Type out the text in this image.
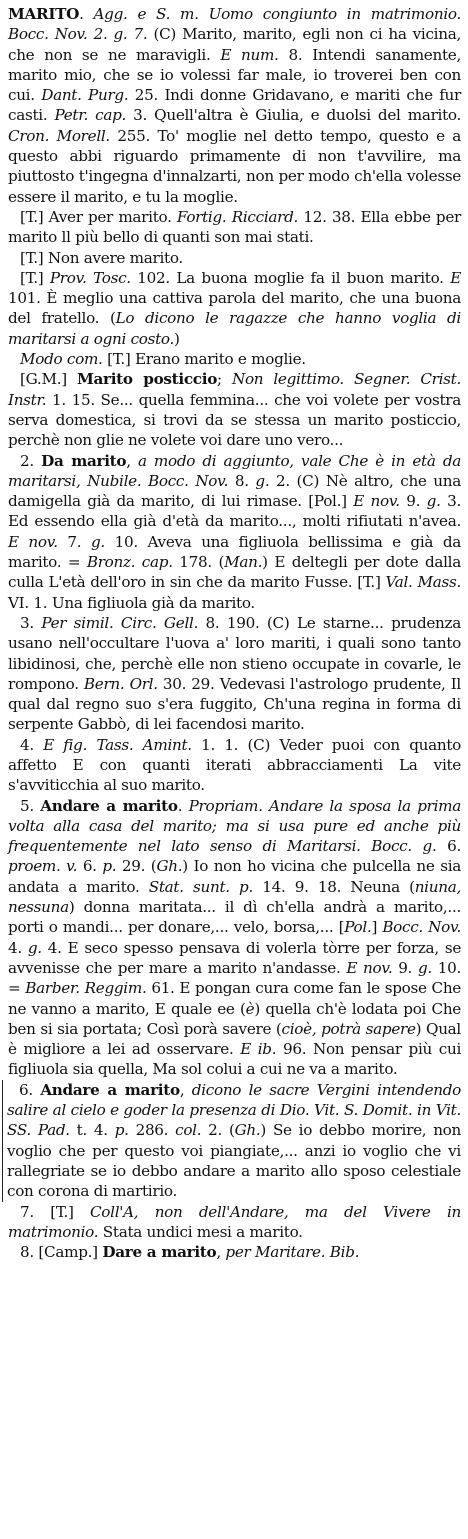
MARITO. Agg. e S. m. Uomo congiunto in matrimonio. Bocc. Nov. 2. g. 7. (C) Marito, marito, egli non ci ha vicina, che non se ne maravigli. E num. 8. Intendi sanamente, marito mio, che se io volessi far male, io troverei ben con cui. Dant. Purg. 25. Indi donne Gridavano, e mariti che fur casti. Petr. cap. 3. Quell'altra è Giulia, e duolsi del marito. Cron. Morell. 255. To' moglie nel detto tempo, questo e a questo abbi riguardo primamente di non t'avvilire, ma piuttosto t'ingegna d'innalzarti, non per modo ch'ella volesse essere il marito, e tu la moglie.

[T.] Aver per marito. Fortig. Ricciard. 12. 38. Ella ebbe per marito ll più bello di quanti son mai stati.

[T.] Non avere marito.

[T.] Prov. Tosc. 102. La buona moglie fa il buon marito. E 101. È meglio una cattiva parola del marito, che una buona del fratello. (Lo dicono le ragazze che hanno voglia di maritarsi a ogni costo.)

Modo com. [T.] Erano marito e moglie.

[G.M.] Marito posticcio; Non legittimo. Segner. Crist. Instr. 1. 15. Se... quella femmina... che voi volete per vostra serva domestica, si trovi da se stessa un marito posticcio, perchè non glie ne volete voi dare uno vero...

2. Da marito, a modo di aggiunto, vale Che è in età da maritarsi, Nubile. Bocc. Nov. 8. g. 2. (C) Nè altro, che una damigella già da marito, di lui rimase. [Pol.] E nov. 9. g. 3. Ed essendo ella già d'età da marito..., molti rifiutati n'avea. E nov. 7. g. 10. Aveva una figliuola bellissima e già da marito. = Bronz. cap. 178. (Man.) E deltegli per dote dalla culla L'età dell'oro in sin che da marito Fusse. [T.] Val. Mass. VI. 1. Una figliuola già da marito.

3. Per simil. Circ. Gell. 8. 190. (C) Le starne... prudenza usano nell'occultare l'uova a' loro mariti, i quali sono tanto libidinosi, che, perchè elle non stieno occupate in covarle, le rompono. Bern. Orl. 30. 29. Vedevasi l'astrologo prudente, Il qual dal regno suo s'era fuggito, Ch'una regina in forma di serpente Gabbò, di lei facendosi marito.

4. E fig. Tass. Amint. 1. 1. (C) Veder puoi con quanto affetto E con quanti iterati abbracciamenti La vite s'avviticchia al suo marito.

5. Andare a marito. Propriam. Andare la sposa la prima volta alla casa del marito; ma si usa pure ed anche più frequentemente nel lato senso di Maritarsi. Bocc. g. 6. proem. v. 6. p. 29. (Gh.) Io non ho vicina che pulcella ne sia andata a marito. Stat. sunt. p. 14. 9. 18. Neuna (niuna, nessuna) donna maritata... il dì ch'ella andrà a marito,... porti o mandi... per donare,... velo, borsa,... [Pol.] Bocc. Nov. 4. g. 4. E seco spesso pensava di volerla tòrre per forza, se avvenisse che per mare a marito n'andasse. E nov. 9. g. 10. = Barber. Reggim. 61. E pongan cura come fan le spose Che ne vanno a marito, E quale ee (è) quella ch'è lodata poi Che ben si sia portata; Così porà savere (cioè, potrà sapere) Qual è migliore a lei ad osservare. E ib. 96. Non pensar più cui figliuola sia quella, Ma sol colui a cui ne va a marito.

6. Andare a marito, dicono le sacre Vergini intendendo salire al cielo e goder la presenza di Dio. Vit. S. Domit. in Vit. SS. Pad. t. 4. p. 286. col. 2. (Gh.) Se io debbo morire, non voglio che per questo voi piangiate,... anzi io voglio che vi rallegriate se io debbo andare a marito allo sposo celestiale con corona di martirio.

7. [T.] Coll'A, non dell'Andare, ma del Vivere in matrimonio. Stata undici mesi a marito.

8. [Camp.] Dare a marito, per Maritare. Bib.
